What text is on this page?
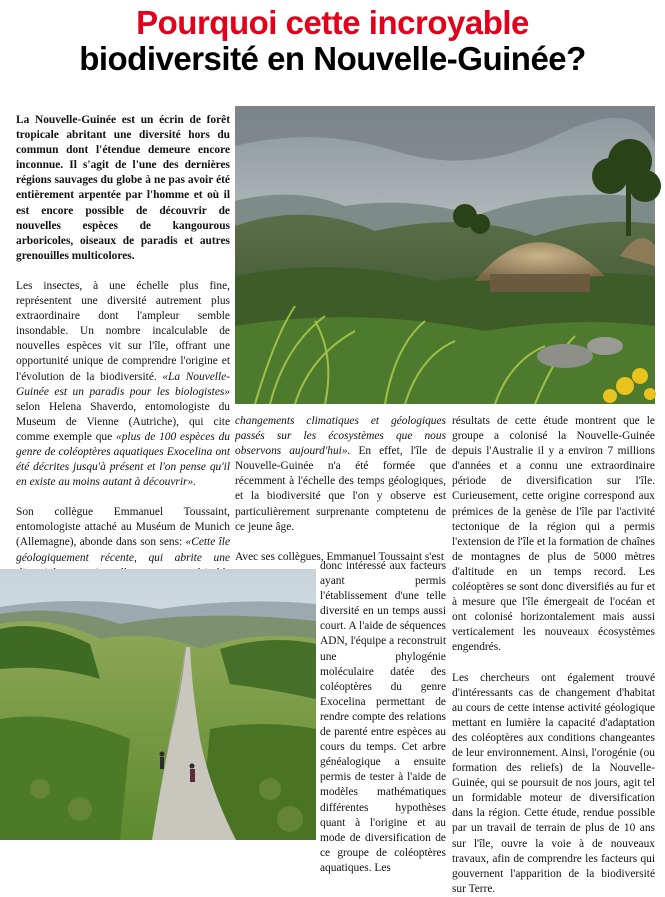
Pourquoi cette incroyable
biodiversité en Nouvelle-Guinée?

La Nouvelle-Guinée est un écrin de forêt tropicale abritant une diversité hors du commun dont l'étendue demeure encore inconnue. Il s'agit de l'une des dernières régions sauvages du globe à ne pas avoir été entièrement arpentée par l'homme et où il est encore possible de découvrir de nouvelles espèces de kangourous arboricoles, oiseaux de paradis et autres grenouilles multicolores.

Les insectes, à une échelle plus fine, représentent une diversité autrement plus extraordinaire dont l'ampleur semble insondable. Un nombre incalculable de nouvelles espèces vit sur l'île, offrant une opportunité unique de comprendre l'origine et l'évolution de la biodiversité. «La Nouvelle-Guinée est un paradis pour les biologistes» selon Helena Shaverdo, entomologiste du Museum de Vienne (Autriche), qui cite comme exemple que «plus de 100 espèces du genre de coléoptères aquatiques Exocelina ont été décrites jusqu'à présent et l'on pense qu'il en existe au moins autant à découvrir».

Son collègue Emmanuel Toussaint, entomologiste attaché au Muséum de Munich (Allemagne), abonde dans son sens: «Cette île géologiquement récente, qui abrite une

changements climatiques et géologiques passés sur les écosystèmes que nous observons aujourd'hui». En effet, l'île de Nouvelle-Guinée n'a été formée que récemment à l'échelle des temps géologiques, et la biodiversité que l'on y observe est particulièrement surprenante comptetenu de ce jeune âge.

Avec ses collègues, Emmanuel Toussaint s'est

donc intéressé aux facteurs ayant permis l'établissement d'une telle diversité en un temps aussi court. A l'aide de séquences ADN, l'équipe a reconstruit une phylogénie moléculaire datée des coléoptères du genre Exocelina permettant de rendre compte des relations de parenté entre espèces au cours du temps. Cet arbre généalogique a ensuite permis de tester à l'aide de modèles mathématiques différentes hypothèses quant à l'origine et au mode de diversification de ce groupe de coléoptères aquatiques. Les

résultats de cette étude montrent que le groupe a colonisé la Nouvelle-Guinée depuis l'Australie il y a environ 7 millions d'années et a connu une extraordinaire période de diversification sur l'île. Curieusement, cette origine correspond aux prémices de la genèse de l'île par l'activité tectonique de la région qui a permis l'extension de l'île et la formation de chaînes de montagnes de plus de 5000 mètres d'altitude en un temps record. Les coléoptères se sont donc diversifiés au fur et à mesure que l'île émergeait de l'océan et ont colonisé horizontalement mais aussi verticalement les nouveaux écosystèmes engendrés.

Les chercheurs ont également trouvé d'intéressants cas de changement d'habitat au cours de cette intense activité géologique mettant en lumière la capacité d'adaptation des coléoptères aux conditions changeantes de leur environnement. Ainsi, l'orogénie (ou formation des reliefs) de la Nouvelle-Guinée, qui se poursuit de nos jours, agit tel un formidable moteur de diversification dans la région. Cette étude, rendue possible par un travail de terrain de plus de 10 ans sur l'île, ouvre la voie à de nouveaux travaux, afin de comprendre les facteurs qui gouvernent l'apparition de la biodiversité sur Terre.
